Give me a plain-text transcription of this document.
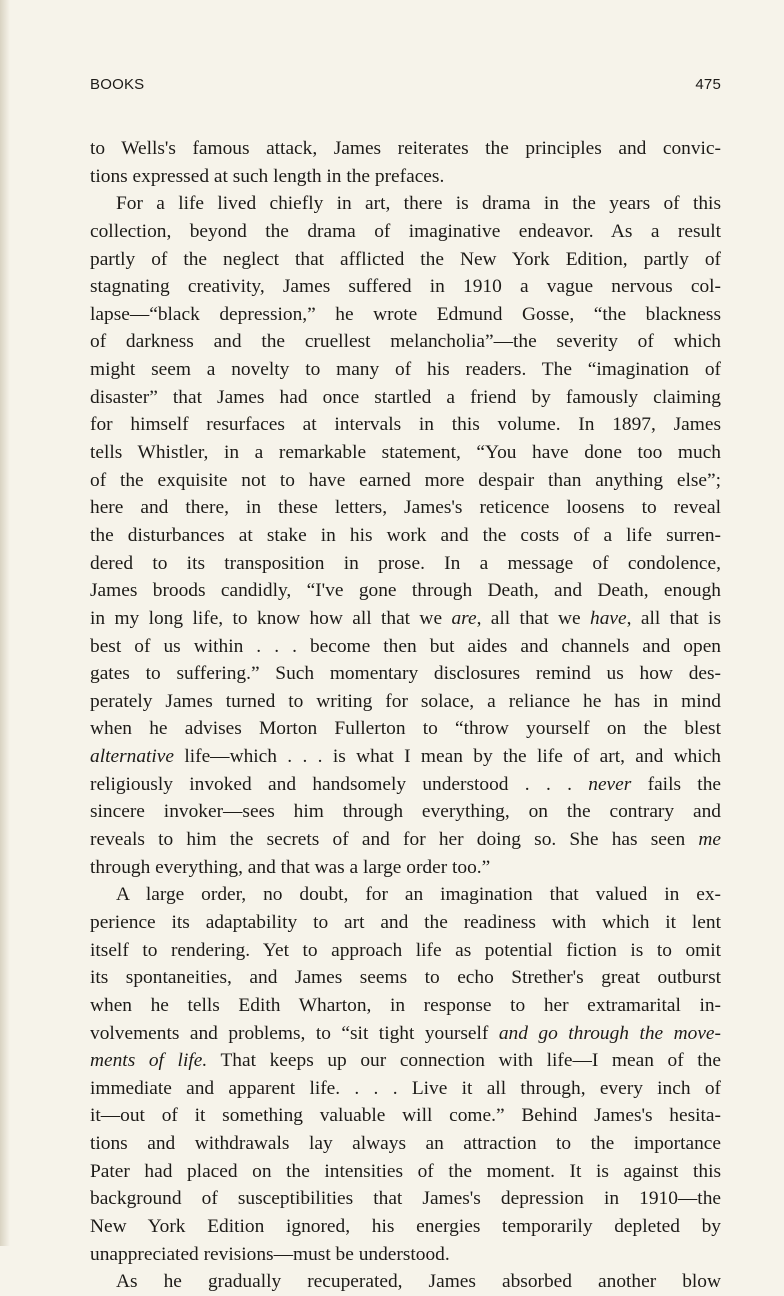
BOOKS	475
to Wells's famous attack, James reiterates the principles and convic-
tions expressed at such length in the prefaces.
For a life lived chiefly in art, there is drama in the years of this
collection, beyond the drama of imaginative endeavor. As a result
partly of the neglect that afflicted the New York Edition, partly of
stagnating creativity, James suffered in 1910 a vague nervous col-
lapse—“black depression,” he wrote Edmund Gosse, “the blackness
of darkness and the cruellest melancholia”—the severity of which
might seem a novelty to many of his readers. The “imagination of
disaster” that James had once startled a friend by famously claiming
for himself resurfaces at intervals in this volume. In 1897, James
tells Whistler, in a remarkable statement, “You have done too much
of the exquisite not to have earned more despair than anything else”;
here and there, in these letters, James's reticence loosens to reveal
the disturbances at stake in his work and the costs of a life surren-
dered to its transposition in prose. In a message of condolence,
James broods candidly, “I've gone through Death, and Death, enough
in my long life, to know how all that we are, all that we have, all that is
best of us within . . . become then but aides and channels and open
gates to suffering.” Such momentary disclosures remind us how des-
perately James turned to writing for solace, a reliance he has in mind
when he advises Morton Fullerton to “throw yourself on the blest
alternative life—which . . . is what I mean by the life of art, and which
religiously invoked and handsomely understood . . . never fails the
sincere invoker—sees him through everything, on the contrary and
reveals to him the secrets of and for her doing so. She has seen me
through everything, and that was a large order too.”
A large order, no doubt, for an imagination that valued in ex-
perience its adaptability to art and the readiness with which it lent
itself to rendering. Yet to approach life as potential fiction is to omit
its spontaneities, and James seems to echo Strether's great outburst
when he tells Edith Wharton, in response to her extramarital in-
volvements and problems, to “sit tight yourself and go through the move-
ments of life. That keeps up our connection with life—I mean of the
immediate and apparent life. . . . Live it all through, every inch of
it—out of it something valuable will come.” Behind James's hesita-
tions and withdrawals lay always an attraction to the importance
Pater had placed on the intensities of the moment. It is against this
background of susceptibilities that James's depression in 1910—the
New York Edition ignored, his energies temporarily depleted by
unappreciated revisions—must be understood.
As he gradually recuperated, James absorbed another blow
